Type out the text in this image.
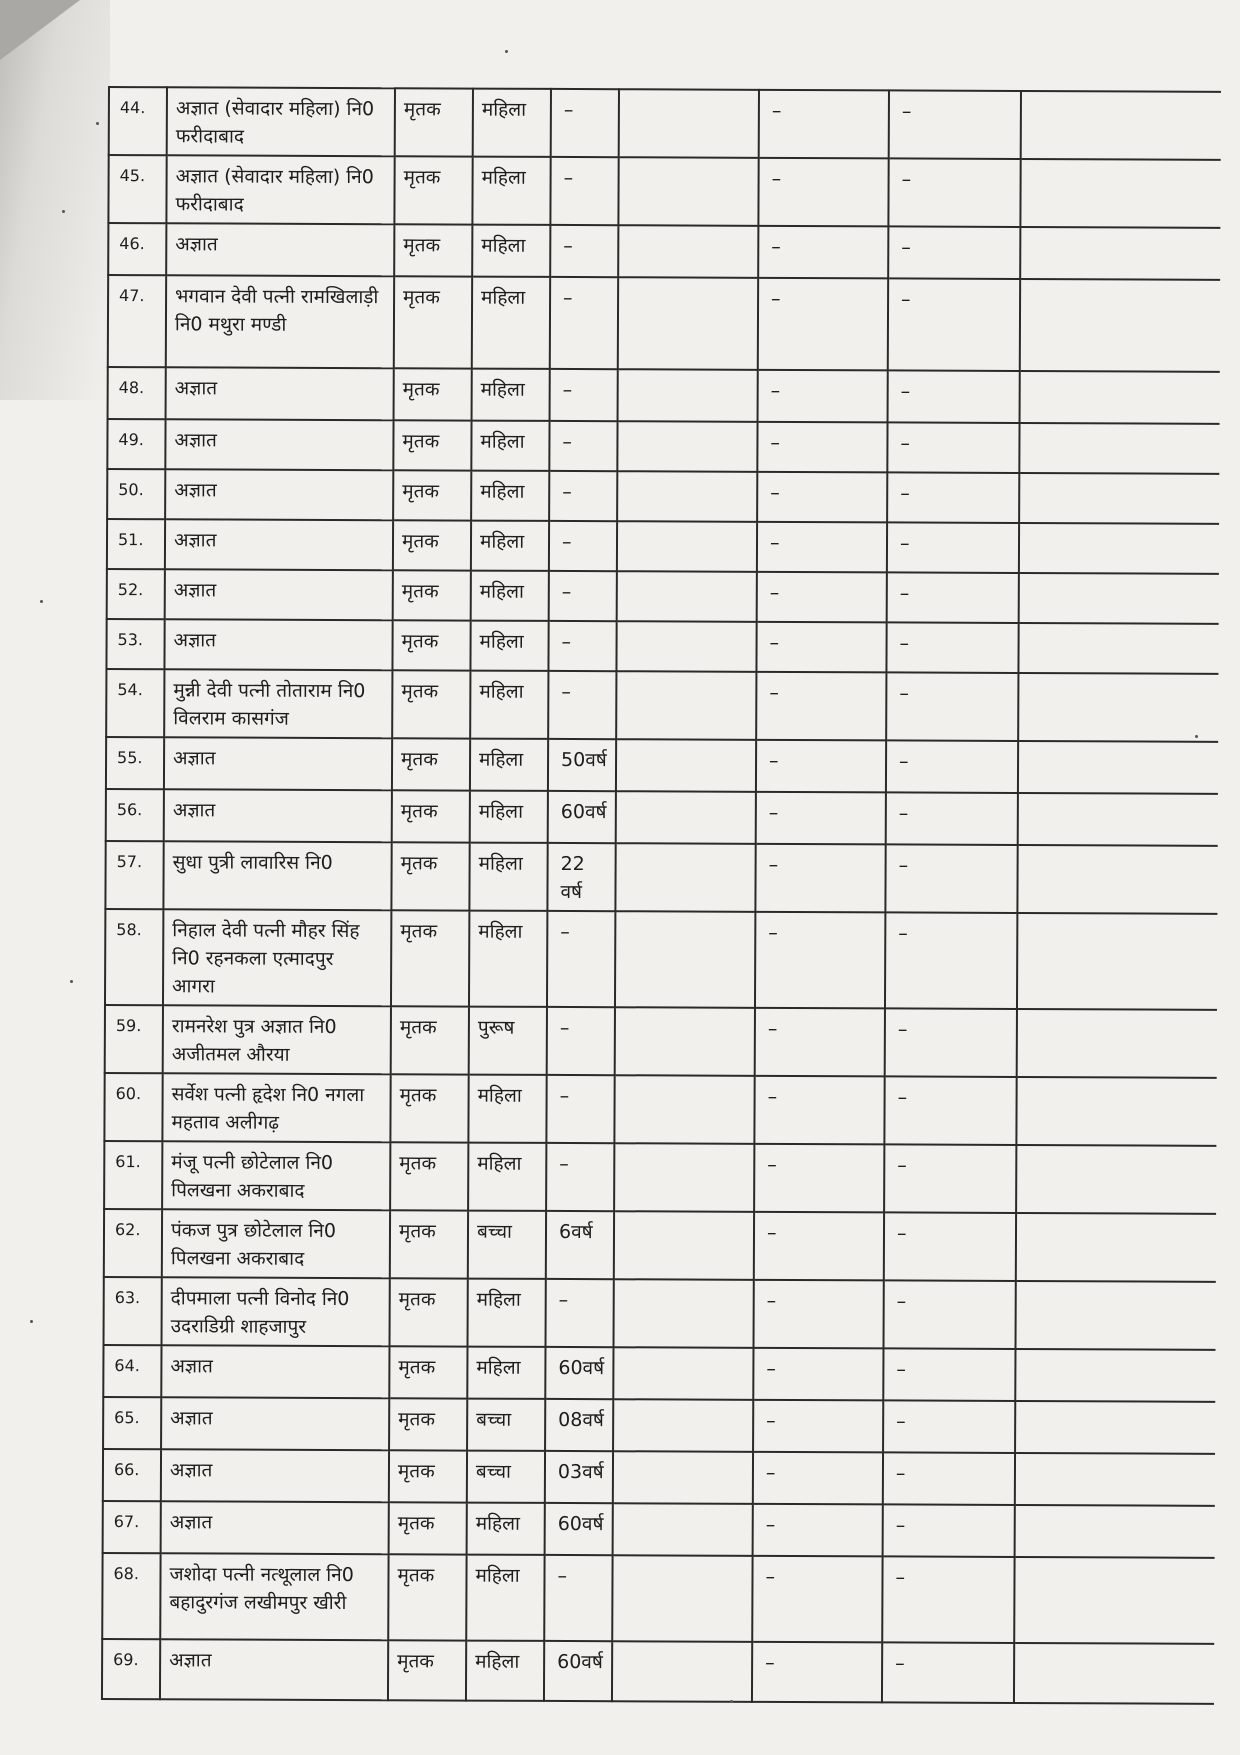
44.	अज्ञात (सेवादार महिला) नि0 फरीदाबाद	मृतक	महिला	–		–	–	
45.	अज्ञात (सेवादार महिला) नि0 फरीदाबाद	मृतक	महिला	–		–	–	
46.	अज्ञात	मृतक	महिला	–		–	–	
47.	भगवान देवी पत्नी रामखिलाड़ी नि0 मथुरा मण्डी	मृतक	महिला	–		–	–	
48.	अज्ञात	मृतक	महिला	–		–	–	
49.	अज्ञात	मृतक	महिला	–		–	–	
50.	अज्ञात	मृतक	महिला	–		–	–	
51.	अज्ञात	मृतक	महिला	–		–	–	
52.	अज्ञात	मृतक	महिला	–		–	–	
53.	अज्ञात	मृतक	महिला	–		–	–	
54.	मुन्नी देवी पत्नी तोताराम नि0 विलराम कासगंज	मृतक	महिला	–		–	–	
55.	अज्ञात	मृतक	महिला	50वर्ष		–	–	
56.	अज्ञात	मृतक	महिला	60वर्ष		–	–	
57.	सुधा पुत्री लावारिस नि0	मृतक	महिला	22 वर्ष		–	–	
58.	निहाल देवी पत्नी मौहर सिंह नि0 रहनकला एत्मादपुर आगरा	मृतक	महिला	–		–	–	
59.	रामनरेश पुत्र अज्ञात नि0 अजीतमल औरया	मृतक	पुरूष	–		–	–	
60.	सर्वेश पत्नी हृदेश नि0 नगला महताव अलीगढ़	मृतक	महिला	–		–	–	
61.	मंजू पत्नी छोटेलाल नि0 पिलखना अकराबाद	मृतक	महिला	–		–	–	
62.	पंकज पुत्र छोटेलाल नि0 पिलखना अकराबाद	मृतक	बच्चा	6वर्ष		–	–	
63.	दीपमाला पत्नी विनोद नि0 उदराडिग्री शाहजापुर	मृतक	महिला	–		–	–	
64.	अज्ञात	मृतक	महिला	60वर्ष		–	–	
65.	अज्ञात	मृतक	बच्चा	08वर्ष		–	–	
66.	अज्ञात	मृतक	बच्चा	03वर्ष		–	–	
67.	अज्ञात	मृतक	महिला	60वर्ष		–	–	
68.	जशोदा पत्नी नत्थूलाल नि0 बहादुरगंज लखीमपुर खीरी	मृतक	महिला	–		–	–	
69.	अज्ञात	मृतक	महिला	60वर्ष		–	–	
